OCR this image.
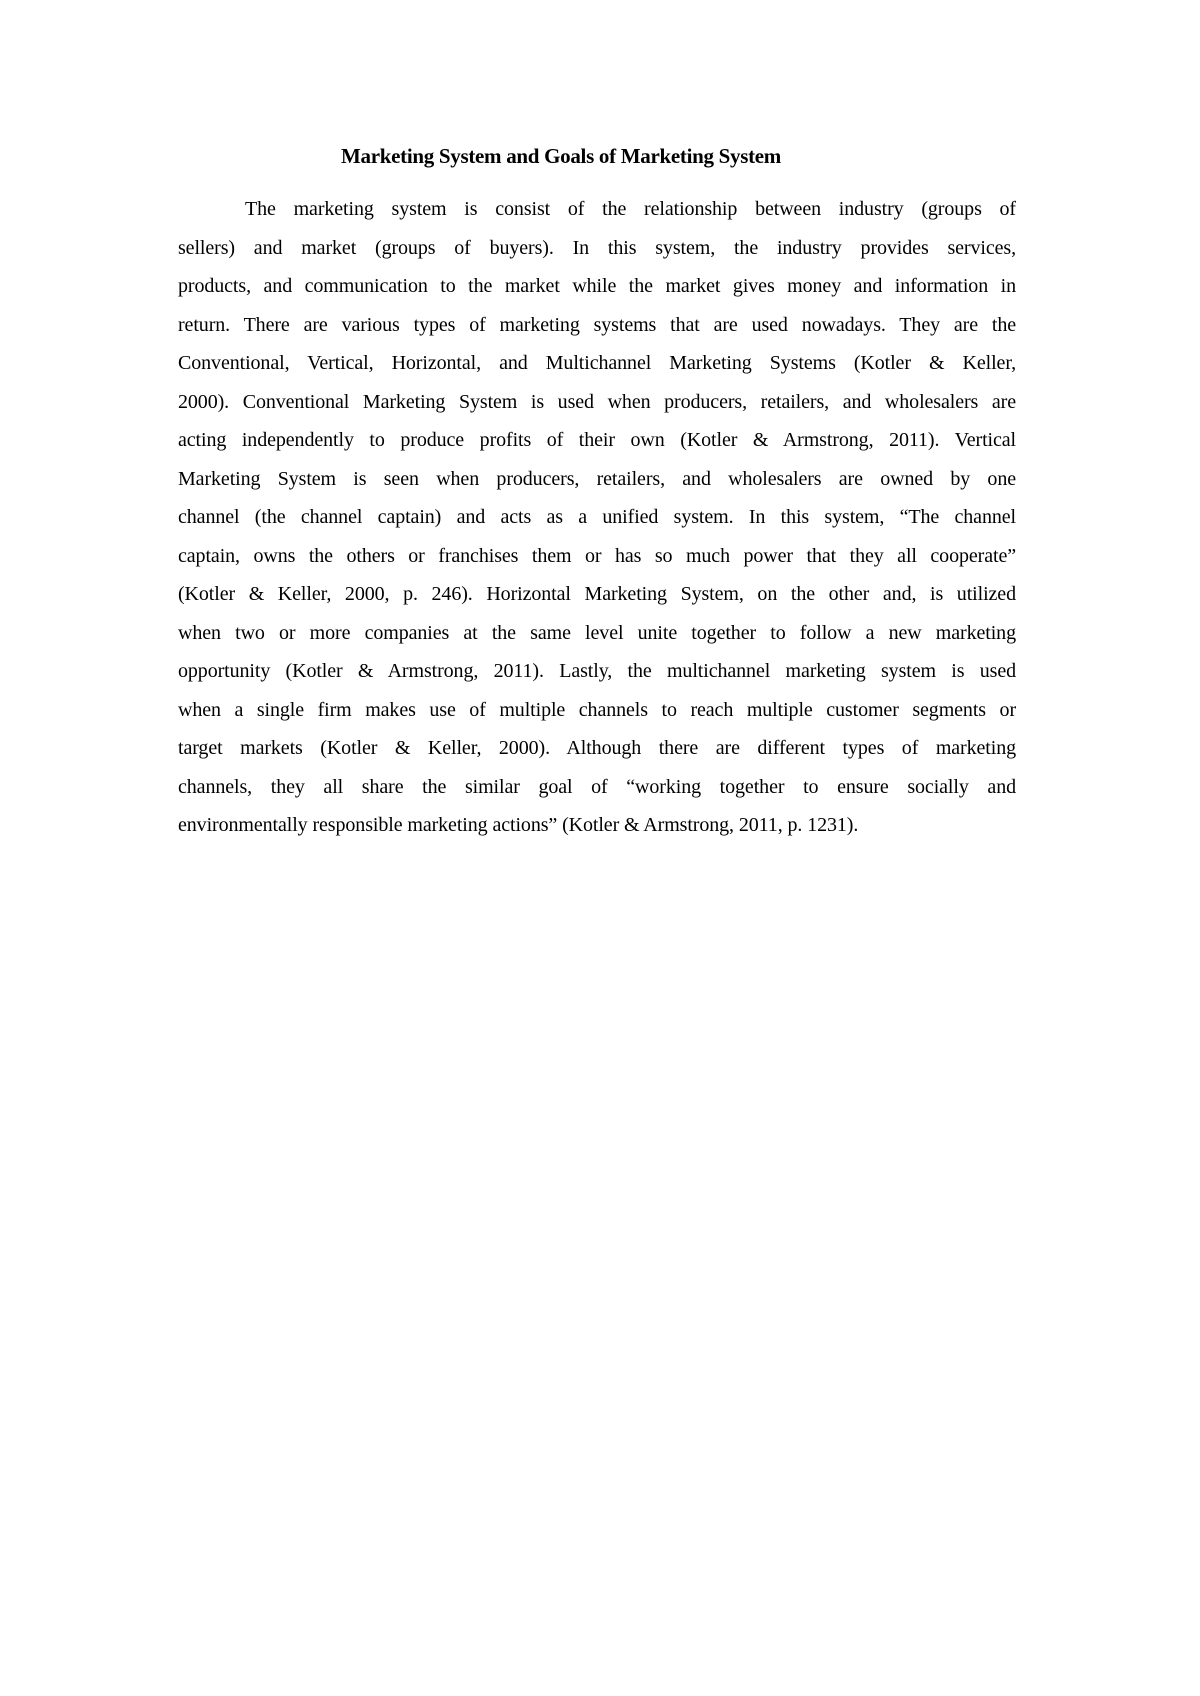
Marketing System and Goals of Marketing System
The marketing system is consist of the relationship between industry (groups of
sellers) and market (groups of buyers). In this system, the industry provides services,
products, and communication to the market while the market gives money and information in
return. There are various types of marketing systems that are used nowadays. They are the
Conventional, Vertical, Horizontal, and Multichannel Marketing Systems (Kotler & Keller,
2000). Conventional Marketing System is used when producers, retailers, and wholesalers are
acting independently to produce profits of their own (Kotler & Armstrong, 2011). Vertical
Marketing System is seen when producers, retailers, and wholesalers are owned by one
channel (the channel captain) and acts as a unified system. In this system, “The channel
captain, owns the others or franchises them or has so much power that they all cooperate”
(Kotler & Keller, 2000, p. 246). Horizontal Marketing System, on the other and, is utilized
when two or more companies at the same level unite together to follow a new marketing
opportunity (Kotler & Armstrong, 2011). Lastly, the multichannel marketing system is used
when a single firm makes use of multiple channels to reach multiple customer segments or
target markets (Kotler & Keller, 2000). Although there are different types of marketing
channels, they all share the similar goal of “working together to ensure socially and
environmentally responsible marketing actions” (Kotler & Armstrong, 2011, p. 1231).
